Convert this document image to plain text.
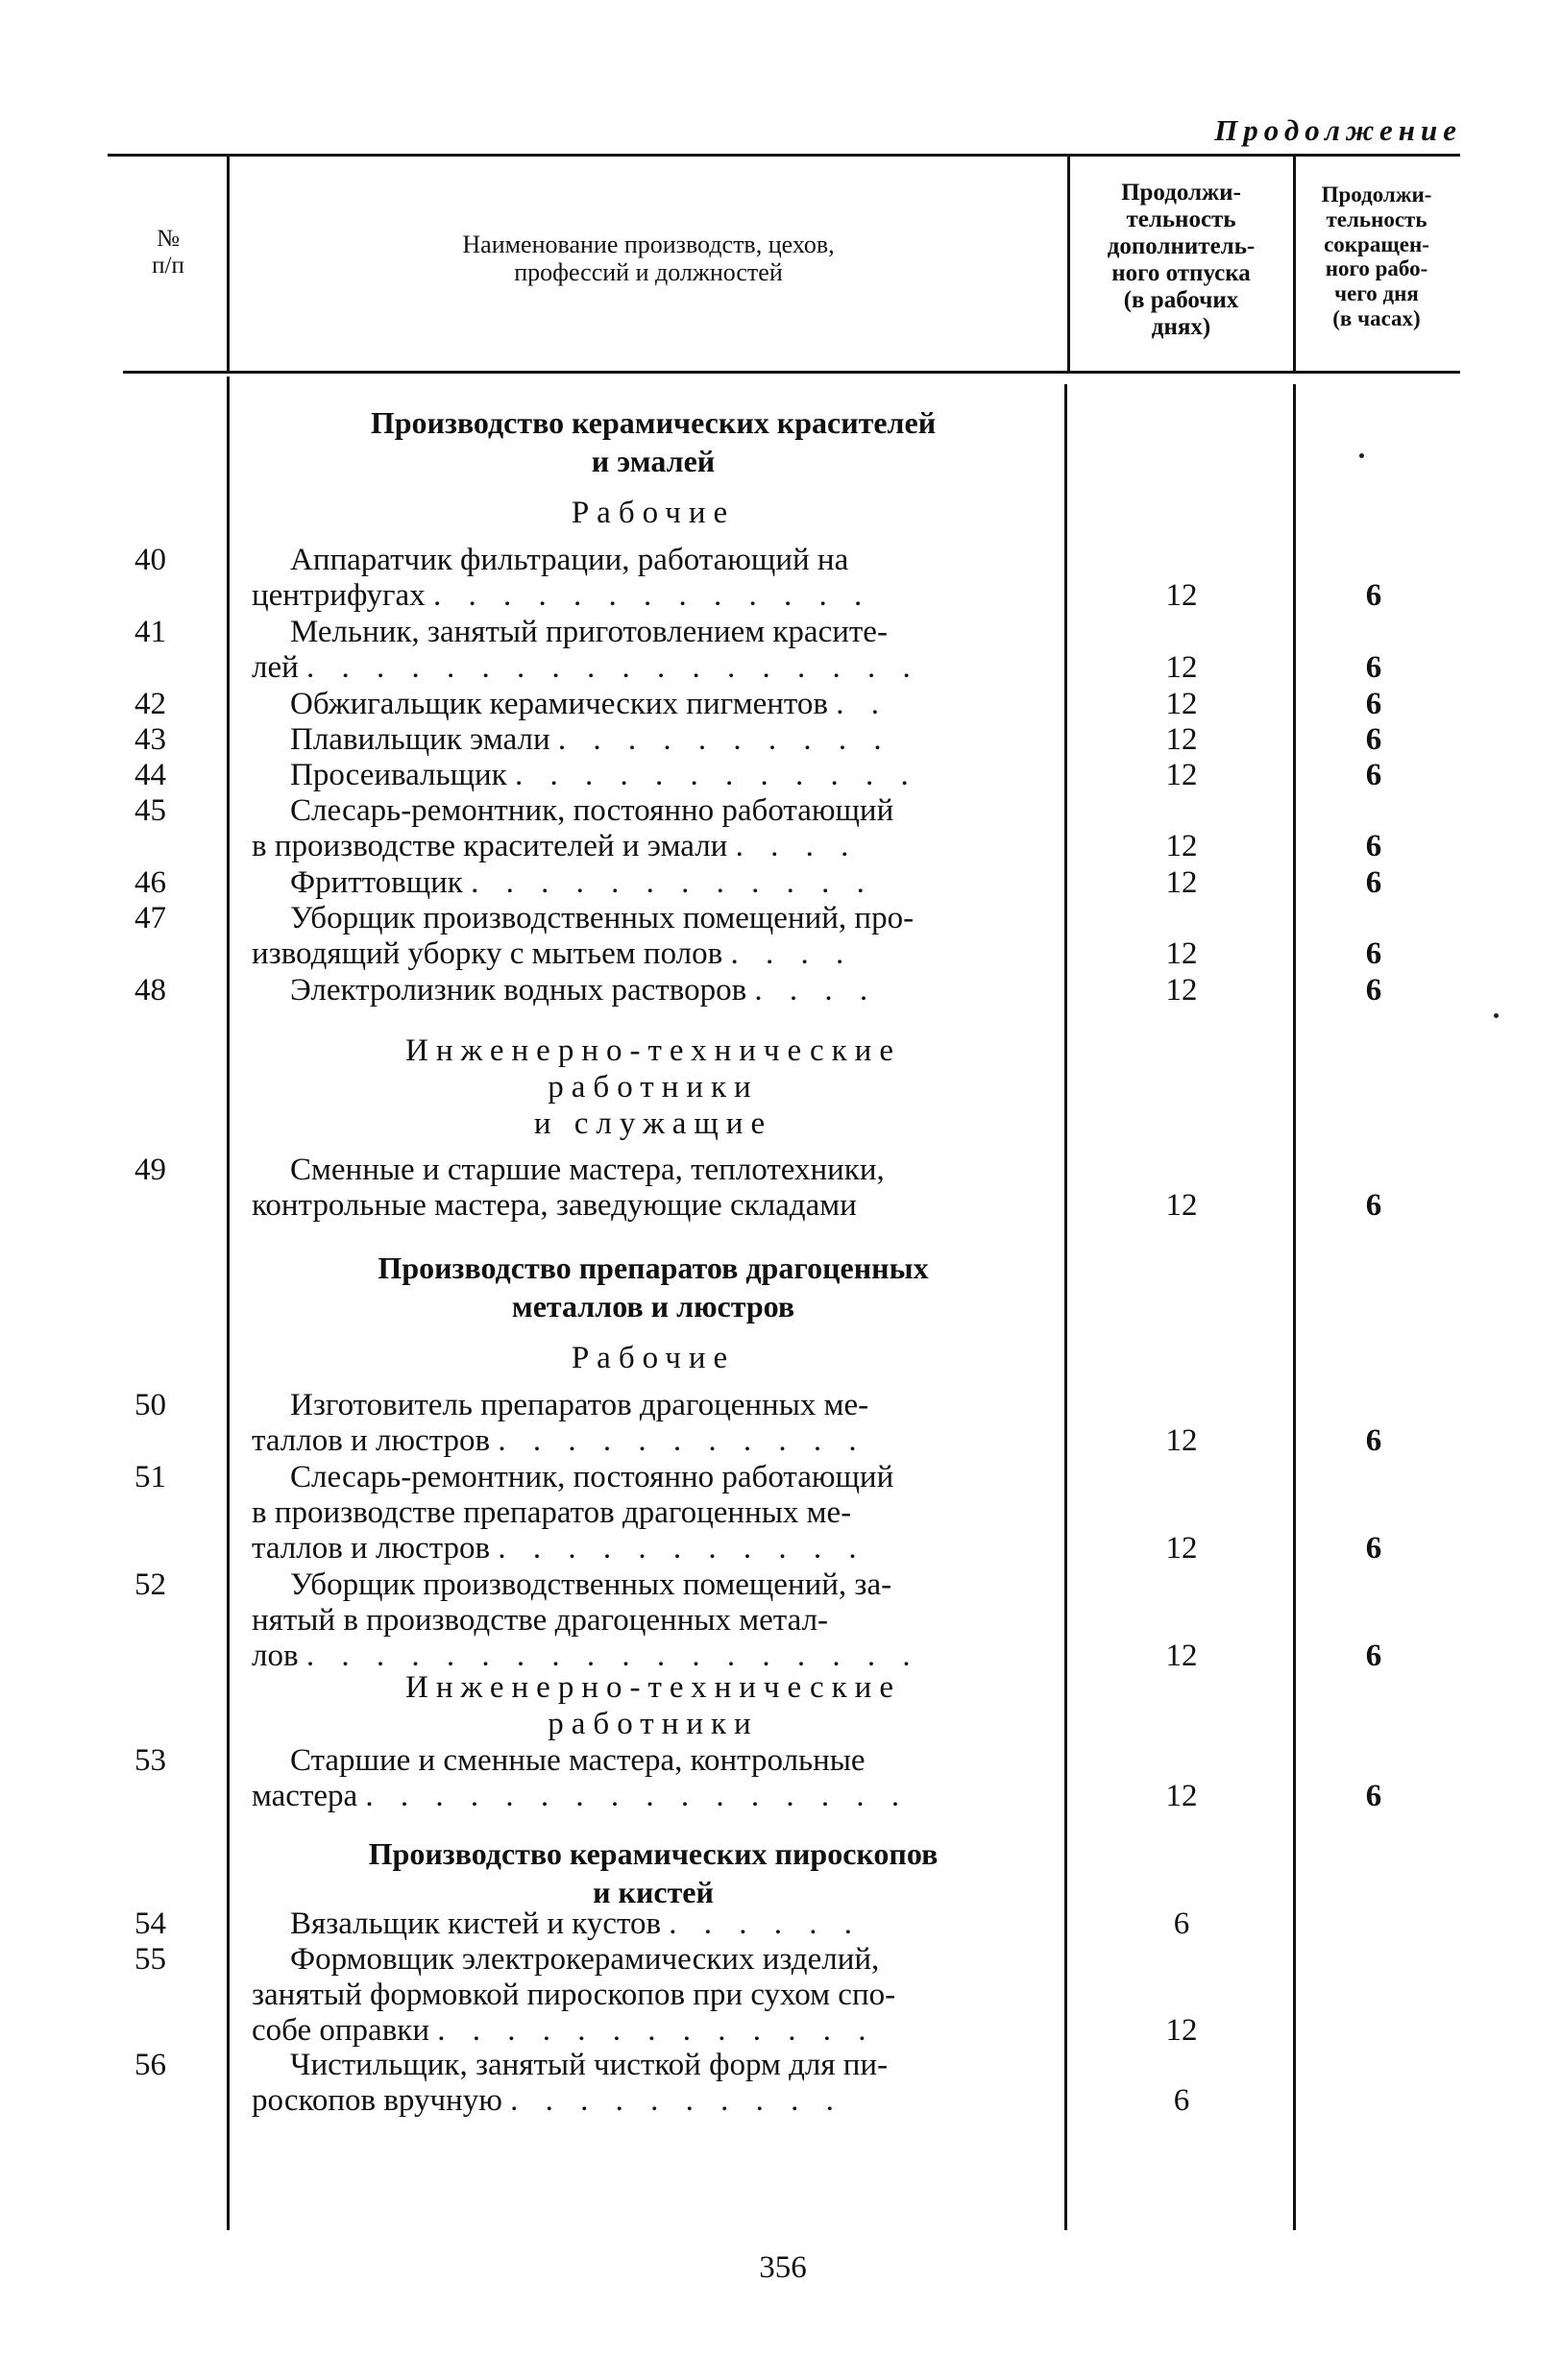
Продолжение
№
п/п
Наименование производств, цехов,
профессий и должностей
Продолжи-
тельность
дополнитель-
ного отпуска
(в рабочих
днях)
Продолжи-
тельность
сокращен-
ного рабо-
чего дня
(в часах)
Производство керамических красителей
и эмалей
Рабочие
40	Аппаратчик фильтрации, работающий на
центрифугах . . . . . . . . . . . . .	12	6
41	Мельник, занятый приготовлением красите-
лей . . . . . . . . . . . . . . . . . .	12	6
42	Обжигальщик керамических пигментов . .	12	6
43	Плавильщик эмали . . . . . . . . . .	12	6
44	Просеивальщик . . . . . . . . . . . .	12	6
45	Слесарь-ремонтник, постоянно работающий
в производстве красителей и эмали . . . .	12	6
46	Фриттовщик . . . . . . . . . . . .	12	6
47	Уборщик производственных помещений, про-
изводящий уборку с мытьем полов . . . .	12	6
48	Электролизник водных растворов . . . .	12	6
Инженерно-технические
работники
и служащие
49	Сменные и старшие мастера, теплотехники,
контрольные мастера, заведующие складами	12	6
Производство препаратов драгоценных
металлов и люстров
Рабочие
50	Изготовитель препаратов драгоценных ме-
таллов и люстров . . . . . . . . . . .	12	6
51	Слесарь-ремонтник, постоянно работающий
в производстве препаратов драгоценных ме-
таллов и люстров . . . . . . . . . . .	12	6
52	Уборщик производственных помещений, за-
нятый в производстве драгоценных метал-
лов . . . . . . . . . . . . . . . . . .	12	6
Инженерно-технические
работники
53	Старшие и сменные мастера, контрольные
мастера . . . . . . . . . . . . . . . .	12	6
Производство керамических пироскопов
и кистей
54	Вязальщик кистей и кустов . . . . . .	6
55	Формовщик электрокерамических изделий,
занятый формовкой пироскопов при сухом спо-
собе оправки . . . . . . . . . . . . .	12
56	Чистильщик, занятый чисткой форм для пи-
роскопов вручную . . . . . . . . . .	6
356
